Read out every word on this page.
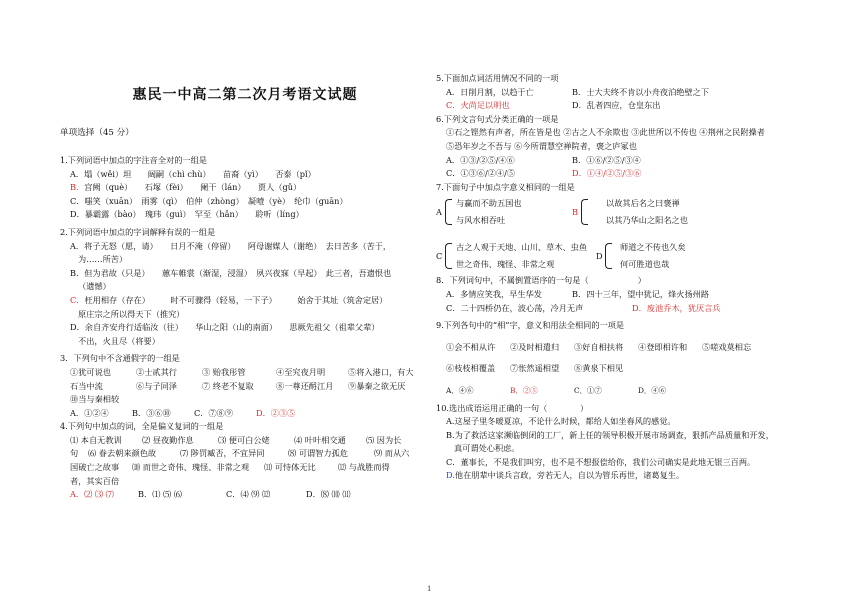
惠民一中高二第二次月考语文试题
单项选择（45 分）
1.下列词语中加点的字注音全对的一组是
A．塌（wěi）坦　　阔嗣（chì chù）　　苗裔（yì）　　否泰（pǐ）
B．宫阙（què）　　石塚（fèi）　　阑干（lán）　　贾人（gǔ）
C．嗤笑（xuān）　雨雾（qì）　伯仲（zhòng）　凝噎（yè）　纶巾（guān）
D．暴霸露（bào）　瑰玮（guì）　罕至（hǎn）　　聆听（líng）
2.下列词语中加点的字词解释有误的一组是
A．将子无怒（愿，请）　　日月不淹（停留）　　阿母谢媒人（谢绝）　去日苦多（苦于，
为……所苦）
B．但为君故（只是）　　蕙车帷裳（渐湿，浸湿）　夙兴夜寐（早起）　此三者，吾遗恨也
（遗憾）
C．枉用相存（存在）　　　时不可骤得（轻易，一下子）　　　始舍于其址（筑舍定居）
原庄宗之所以得天下（推究）
D．余自齐安舟行适临汝（往）　　华山之阳（山的南面）　　思厥先祖父（祖辈父辈）
不出，火且尽（将要）
3．下列句中不含通假字的一组是
①犹可说也	②士贰其行	③ 贻我彤管	④至究夜月明	⑤将入港口，有大
石当中流	⑥与子同泽	⑦ 终老不复取	⑧一尊还酹江月	⑨暴秦之欲无厌
⑩当与秦相较
A．①②④	B．③⑥⑩	C．⑦⑧⑨	D．②③⑤
4.下列句中加点的词，全是偏义复词的一组是
⑴ 本自无教训	⑵ 昼夜勤作息	⑶ 便可白公姥	⑷ 叶叶相交通	⑸ 因为长
句	⑹ 眷去朝来颜色故	⑺ 陟罚臧否，不宜异同	⑻ 可谓智力孤危	⑼ 而从六
国破亡之故事	⑽ 而世之奇伟、瑰怪、非常之观	⑾ 可恃体无比	⑿ 与战胜而得
者，其实百倍
A．⑵ ⑶ ⑺	B．⑴ ⑸ ⑹	C．⑷ ⑼ ⑿	D．⑻ ⑽ ⑾
5.下面加点词活用情况不同的一项
A．日削月割，以趋于亡	B．士大夫终不肯以小舟夜泊绝壁之下
C．火尚足以明也	D．乱者四应，仓皇东出
6.下列文言句式分类正确的一项是
①石之铿然有声者，所在皆是也 ②古之人不余欺也 ③此世所以不传也 ④荆州之民附操者
⑤恐年岁之不吾与 ⑥今所谓慧空禅院者，褒之庐冢也
A．①③/②⑤/④⑥	B．①⑥/②⑤/③④
C．①③⑥/②④/⑤	D．①④/②⑤/③⑥
7.下面句子中加点字意义相同的一组是
A
与赢而不助五国也
与风水相吞吐
B
以故其后名之曰褒禅
以其乃华山之阳名之也
C
古之人观于天地、山川、草木、虫鱼
世之奇伟、瑰怪、非常之观
D
师道之不传也久矣
何可胜道也哉
8．下列词句中，不属倒置语序的一句是（　　　　　　）
A．多情应笑我，早生华发	B．四十三年，望中犹记，烽火扬州路
C．二十四桥仍在，波心荡，冷月无声	D．废池乔木，犹厌言兵
9.下列各句中的“相”字，意义和用法全相同的一项是
①会不相从许	②及时相遣归	③好自相扶将	④登即相许和	⑤嗟戏莫相忘
⑥枝枝相覆盖	⑦怅然遥相望	⑧黄泉下相见
A．④⑥	B．②⑤	C．①⑦	D．④⑥
10.选出成语运用正确的一句（　　　　）
A.这屋子里冬暖夏凉，不论什么时候，都给人如坐春风的感觉。
B.为了救活这家濒临倒闭的工厂，新上任的领导积极开展市场调查，狠抓产品质量和开发，
真可谓处心积虑。
C．董事长，不是我们叫穷，也不是不想报偿给你，我们公司确实是此地无银三百两。
D.他在朋辈中谈兵言政，旁若无人，自以为管乐再世，诸葛复生。
1
